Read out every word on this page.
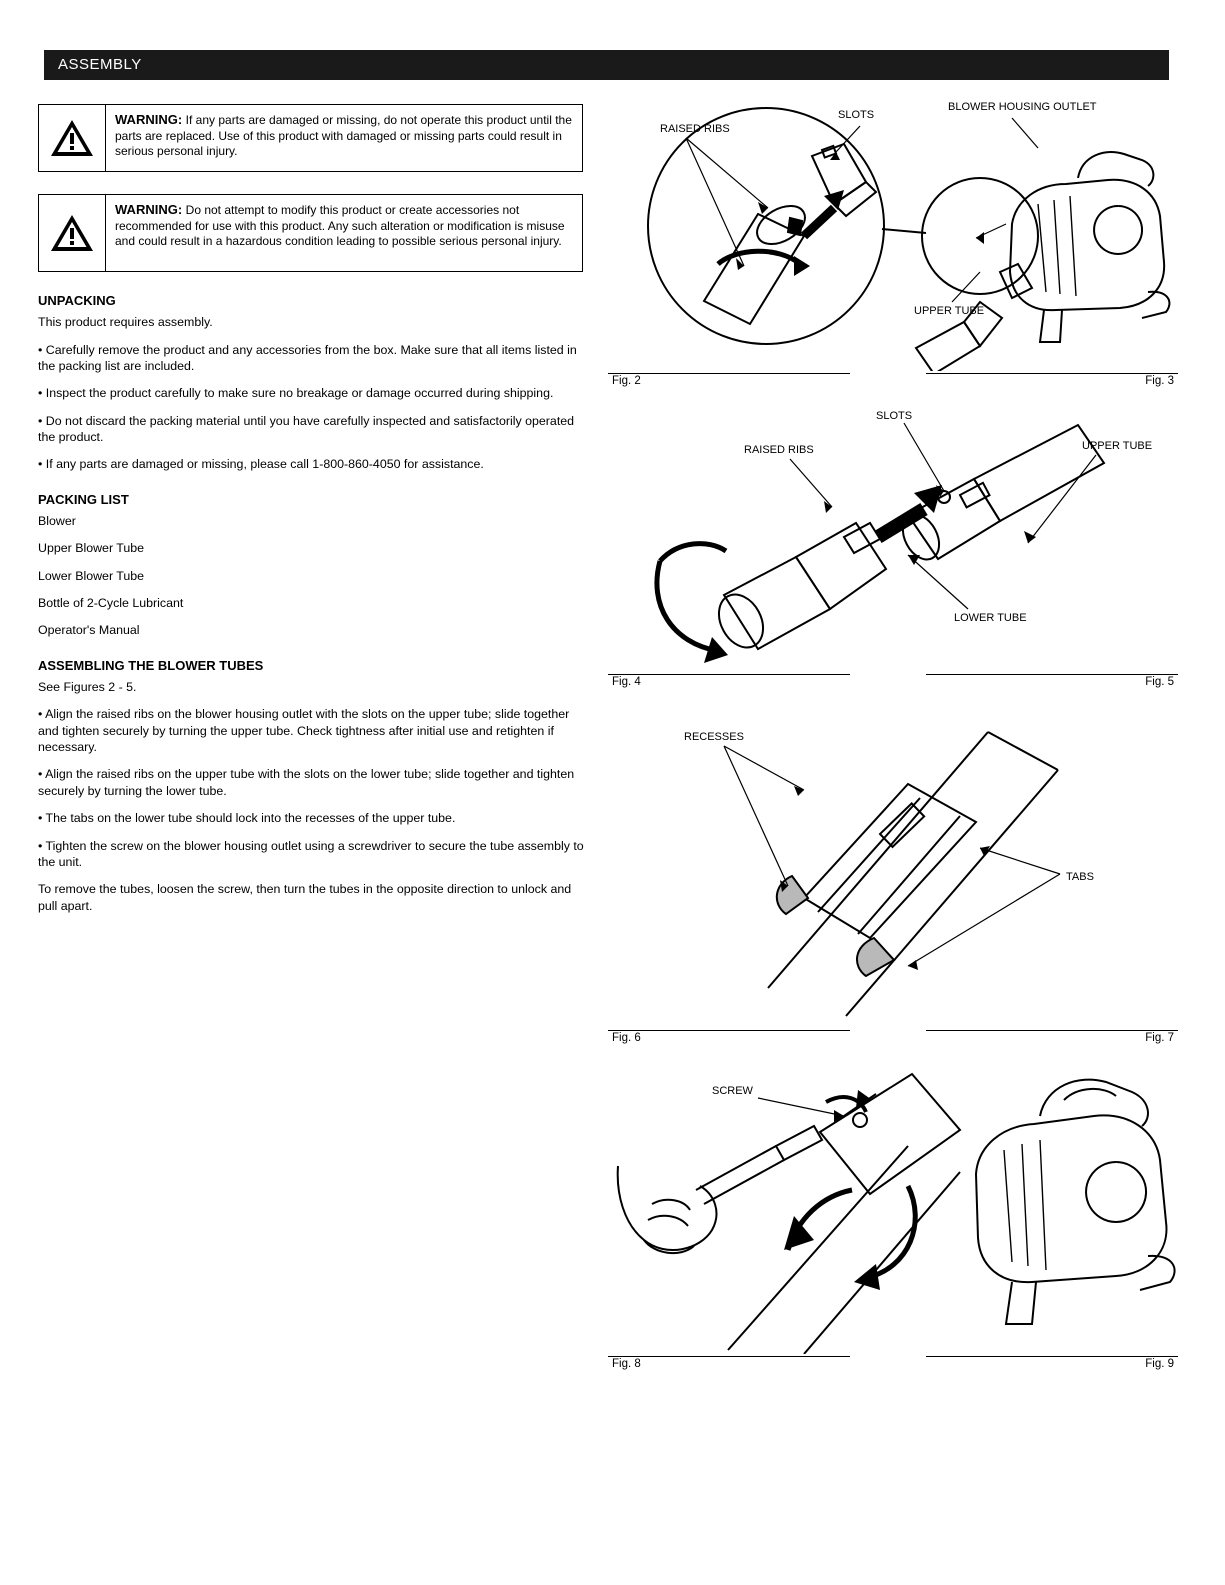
ASSEMBLY
WARNING: If any parts are damaged or missing, do not operate this product until the parts are replaced. Use of this product with damaged or missing parts could result in serious personal injury.
WARNING: Do not attempt to modify this product or create accessories not recommended for use with this product. Any such alteration or modification is misuse and could result in a hazardous condition leading to possible serious personal injury.
UNPACKING

This product requires assembly.

• Carefully remove the product and any accessories from the box. Make sure that all items listed in the packing list are included.

• Inspect the product carefully to make sure no breakage or damage occurred during shipping.

• Do not discard the packing material until you have carefully inspected and satisfactorily operated the product.

• If any parts are damaged or missing, please call 1-800-860-4050 for assistance.

PACKING LIST

Blower

Upper Blower Tube

Lower Blower Tube

Bottle of 2-Cycle Lubricant

Operator's Manual

ASSEMBLING THE BLOWER TUBES

See Figures 2 - 5.

• Align the raised ribs on the blower housing outlet with the slots on the upper tube; slide together and tighten securely by turning the upper tube. Check tightness after initial use and retighten if necessary.

• Align the raised ribs on the upper tube with the slots on the lower tube; slide together and tighten securely by turning the lower tube.

• The tabs on the lower tube should lock into the recesses of the upper tube.

• Tighten the screw on the blower housing outlet using a screwdriver to secure the tube assembly to the unit.

To remove the tubes, loosen the screw, then turn the tubes in the opposite direction to unlock and pull apart.

RAISED RIBS
SLOTS
BLOWER HOUSING OUTLET
UPPER TUBE
Fig. 2	Fig. 3
SLOTS
RAISED RIBS	UPPER TUBE
LOWER TUBE
Fig. 4	Fig. 5
RECESSES
TABS
Fig. 6	Fig. 7
SCREW
Fig. 8	Fig. 9
